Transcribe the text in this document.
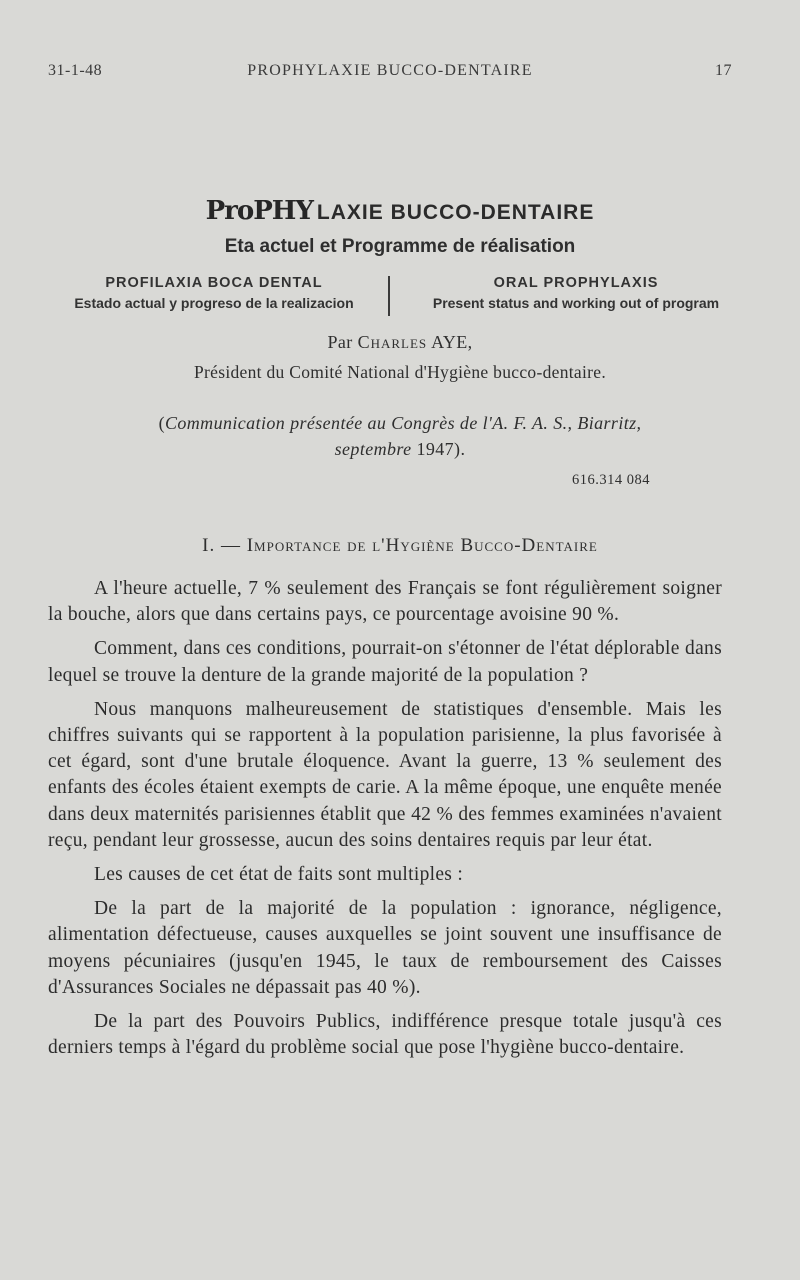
31-1-48	PROPHYLAXIE BUCCO-DENTAIRE	17
ProPHY LAXIE BUCCO-DENTAIRE
Eta actuel et Programme de réalisation
PROFILAXIA BOCA DENTAL
Estado actual y progreso de la realizacion
ORAL PROPHYLAXIS
Present status and working out of program
Par Charles AYE,
Président du Comité National d'Hygiène bucco-dentaire.
(Communication présentée au Congrès de l'A. F. A. S., Biarritz,
septembre 1947).
616.314 084
I. — Importance de l'Hygiène Bucco-Dentaire

A l'heure actuelle, 7 % seulement des Français se font régulièrement soigner la bouche, alors que dans certains pays, ce pourcentage avoisine 90 %.

Comment, dans ces conditions, pourrait-on s'étonner de l'état déplorable dans lequel se trouve la denture de la grande majorité de la population ?

Nous manquons malheureusement de statistiques d'ensemble. Mais les chiffres suivants qui se rapportent à la population parisienne, la plus favorisée à cet égard, sont d'une brutale éloquence. Avant la guerre, 13 % seulement des enfants des écoles étaient exempts de carie. A la même époque, une enquête menée dans deux maternités parisiennes établit que 42 % des femmes examinées n'avaient reçu, pendant leur grossesse, aucun des soins dentaires requis par leur état.

Les causes de cet état de faits sont multiples :

De la part de la majorité de la population : ignorance, négligence, alimentation défectueuse, causes auxquelles se joint souvent une insuffisance de moyens pécuniaires (jusqu'en 1945, le taux de remboursement des Caisses d'Assurances Sociales ne dépassait pas 40 %).

De la part des Pouvoirs Publics, indifférence presque totale jusqu'à ces derniers temps à l'égard du problème social que pose l'hygiène bucco-dentaire.
